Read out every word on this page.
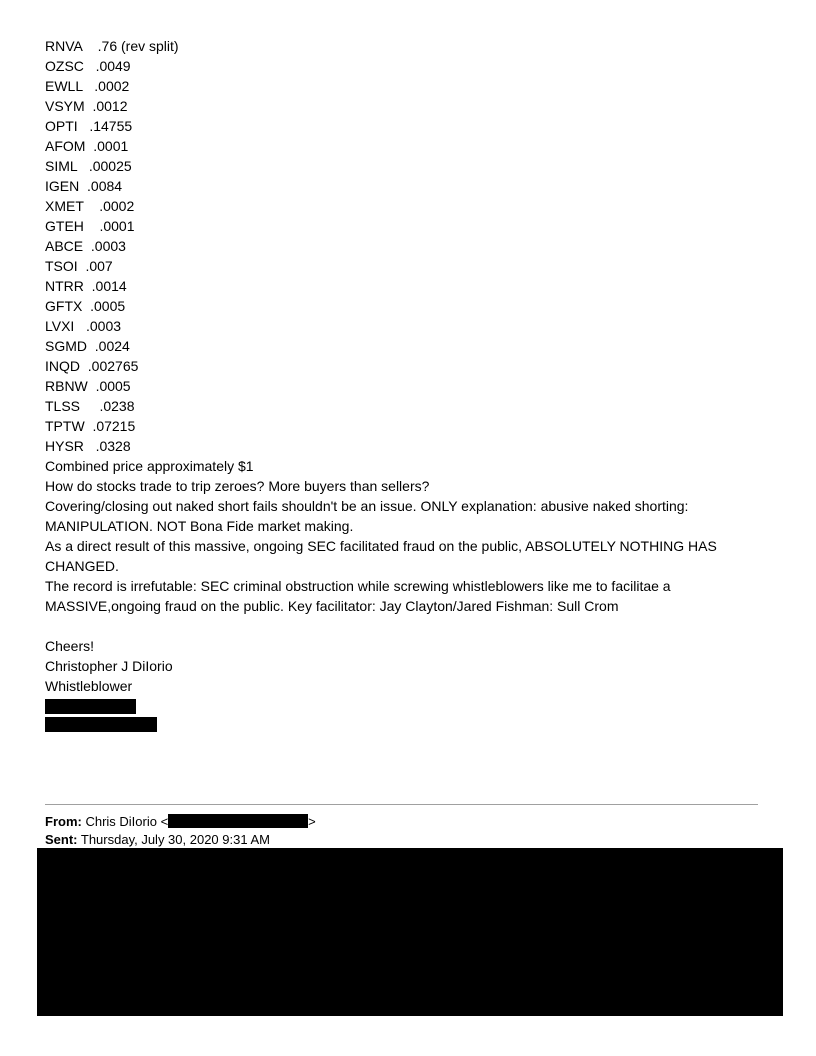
RNVA .76 (rev split)
OZSC .0049
EWLL .0002
VSYM .0012
OPTI .14755
AFOM .0001
SIML .00025
IGEN .0084
XMET .0002
GTEH .0001
ABCE .0003
TSOI .007
NTRR .0014
GFTX .0005
LVXI .0003
SGMD .0024
INQD .002765
RBNW .0005
TLSS .0238
TPTW .07215
HYSR .0328
Combined price approximately $1
How do stocks trade to trip zeroes? More buyers than sellers?
Covering/closing out naked short fails shouldn't be an issue. ONLY explanation: abusive naked shorting: MANIPULATION. NOT Bona Fide market making.
As a direct result of this massive, ongoing SEC facilitated fraud on the public, ABSOLUTELY NOTHING HAS CHANGED.
The record is irrefutable: SEC criminal obstruction while screwing whistleblowers like me to facilitae a MASSIVE,ongoing fraud on the public. Key facilitator: Jay Clayton/Jared Fishman: Sull Crom
Cheers!
Christopher J DiIorio
Whistleblower
From: Chris DiIorio <	>
Sent: Thursday, July 30, 2020 9:31 AM
